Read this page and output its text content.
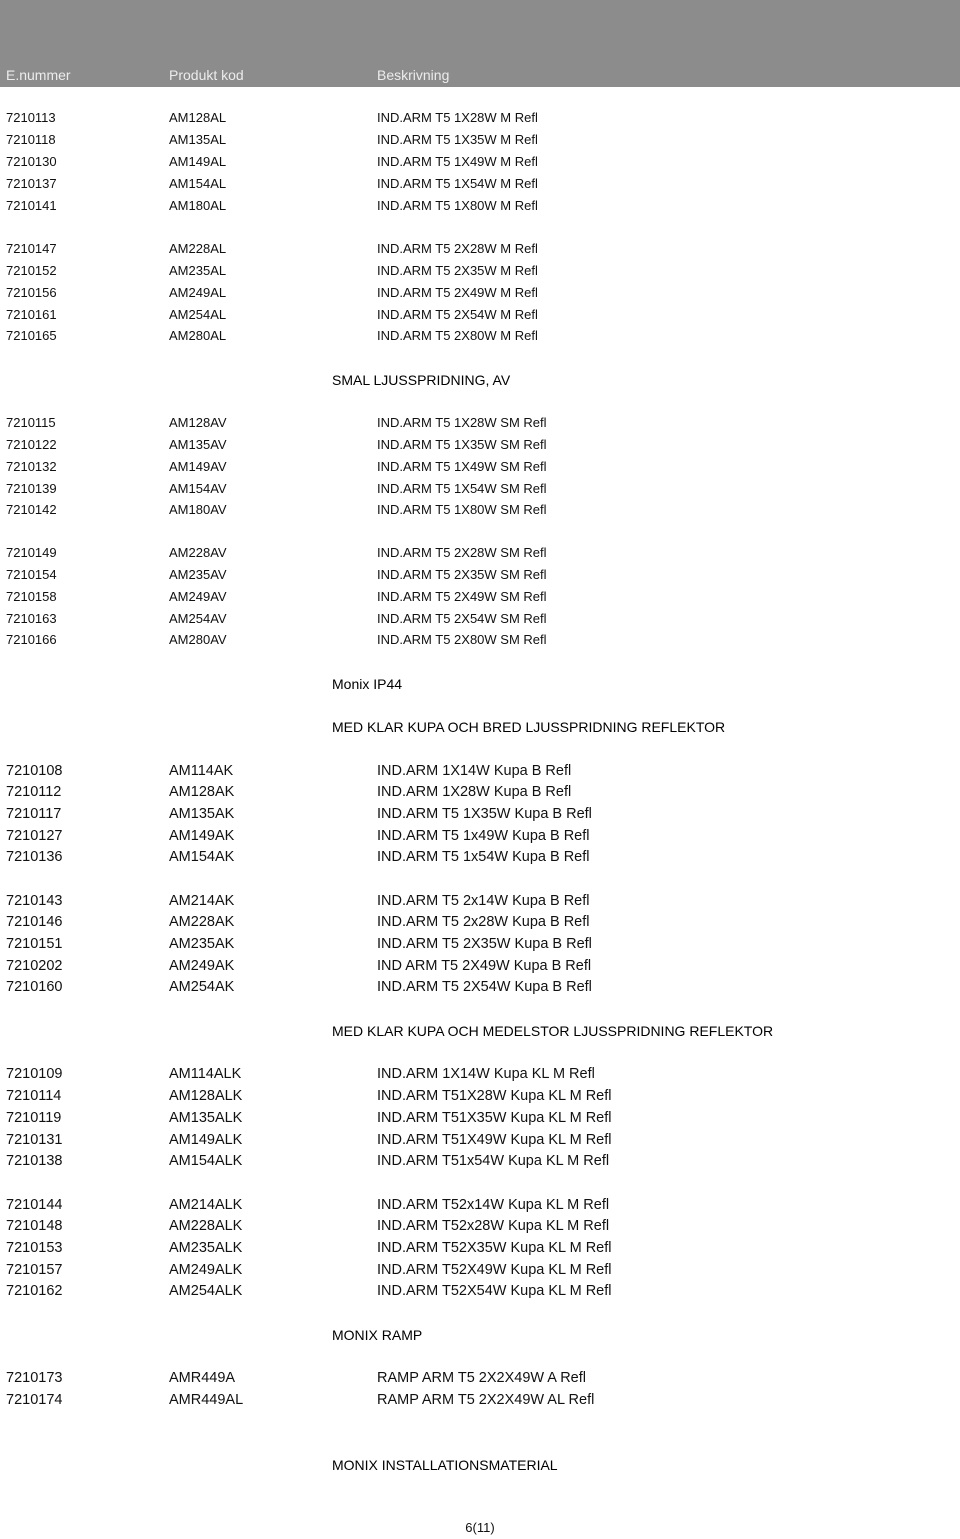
E.nummer	Produkt kod	Beskrivning
7210113	AM128AL	IND.ARM T5 1X28W M Refl
7210118	AM135AL	IND.ARM T5 1X35W M Refl
7210130	AM149AL	IND.ARM T5 1X49W M Refl
7210137	AM154AL	IND.ARM T5 1X54W M Refl
7210141	AM180AL	IND.ARM T5 1X80W M Refl
7210147	AM228AL	IND.ARM T5 2X28W M Refl
7210152	AM235AL	IND.ARM T5 2X35W M Refl
7210156	AM249AL	IND.ARM T5 2X49W M Refl
7210161	AM254AL	IND.ARM T5 2X54W M Refl
7210165	AM280AL	IND.ARM T5 2X80W M Refl
SMAL LJUSSPRIDNING, AV
7210115	AM128AV	IND.ARM T5 1X28W SM Refl
7210122	AM135AV	IND.ARM T5 1X35W SM Refl
7210132	AM149AV	IND.ARM T5 1X49W SM Refl
7210139	AM154AV	IND.ARM T5 1X54W SM Refl
7210142	AM180AV	IND.ARM T5 1X80W SM Refl
7210149	AM228AV	IND.ARM T5 2X28W SM Refl
7210154	AM235AV	IND.ARM T5 2X35W SM Refl
7210158	AM249AV	IND.ARM T5 2X49W SM Refl
7210163	AM254AV	IND.ARM T5 2X54W SM Refl
7210166	AM280AV	IND.ARM T5 2X80W SM Refl
Monix IP44
MED KLAR KUPA OCH BRED LJUSSPRIDNING REFLEKTOR
7210108	AM114AK	IND.ARM 1X14W Kupa B Refl
7210112	AM128AK	IND.ARM 1X28W Kupa B Refl
7210117	AM135AK	IND.ARM T5 1X35W Kupa B Refl
7210127	AM149AK	IND.ARM T5 1x49W Kupa B Refl
7210136	AM154AK	IND.ARM T5 1x54W Kupa B Refl
7210143	AM214AK	IND.ARM T5 2x14W Kupa B Refl
7210146	AM228AK	IND.ARM T5 2x28W Kupa B Refl
7210151	AM235AK	IND.ARM T5 2X35W Kupa B Refl
7210202	AM249AK	IND ARM T5 2X49W Kupa B Refl
7210160	AM254AK	IND.ARM T5 2X54W Kupa B Refl
MED KLAR KUPA OCH MEDELSTOR LJUSSPRIDNING REFLEKTOR
7210109	AM114ALK	IND.ARM 1X14W Kupa KL M Refl
7210114	AM128ALK	IND.ARM T51X28W Kupa KL M Refl
7210119	AM135ALK	IND.ARM T51X35W Kupa KL M Refl
7210131	AM149ALK	IND.ARM T51X49W Kupa KL M Refl
7210138	AM154ALK	IND.ARM T51x54W Kupa KL M Refl
7210144	AM214ALK	IND.ARM T52x14W Kupa KL M Refl
7210148	AM228ALK	IND.ARM T52x28W Kupa KL M Refl
7210153	AM235ALK	IND.ARM T52X35W Kupa KL M Refl
7210157	AM249ALK	IND.ARM T52X49W Kupa KL M Refl
7210162	AM254ALK	IND.ARM T52X54W Kupa KL M Refl
MONIX RAMP
7210173	AMR449A	RAMP ARM T5 2X2X49W A Refl
7210174	AMR449AL	RAMP ARM T5 2X2X49W AL Refl
MONIX INSTALLATIONSMATERIAL
6(11)
